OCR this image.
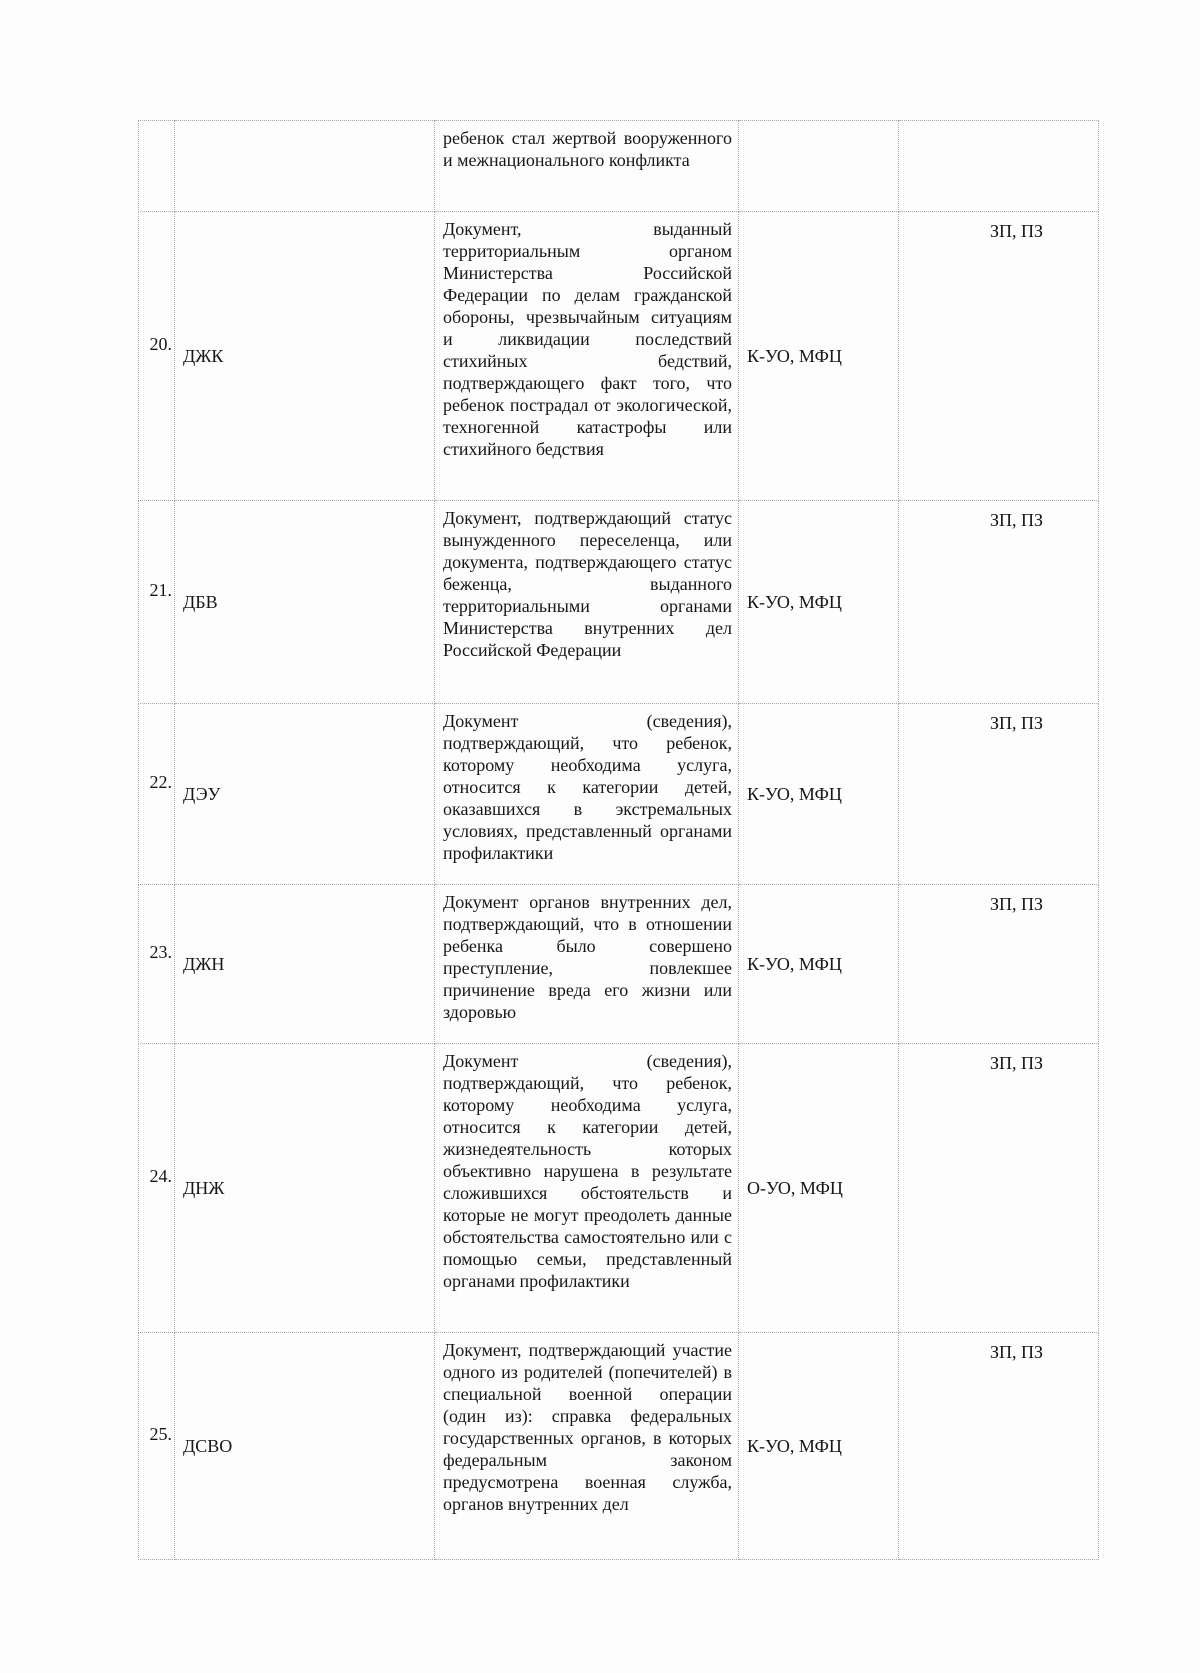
		ребенок стал жертвой вооруженного и межнационального конфликта		

20.	ДЖК	Документ, выданный территориальным органом Министерства Российской Федерации по делам гражданской обороны, чрезвычайным ситуациям и ликвидации последствий стихийных бедствий, подтверждающего факт того, что ребенок пострадал от экологической, техногенной катастрофы или стихийного бедствия	К-УО, МФЦ	ЗП, ПЗ
21.	ДБВ	Документ, подтверждающий статус вынужденного переселенца, или документа, подтверждающего статус беженца, выданного территориальными органами Министерства внутренних дел Российской Федерации	К-УО, МФЦ	ЗП, ПЗ
22.	ДЭУ	Документ (сведения), подтверждающий, что ребенок, которому необходима услуга, относится к категории детей, оказавшихся в экстремальных условиях, представленный органами профилактики	К-УО, МФЦ	ЗП, ПЗ
23.	ДЖН	Документ органов внутренних дел, подтверждающий, что в отношении ребенка было совершено преступление, повлекшее причинение вреда его жизни или здоровью	К-УО, МФЦ	ЗП, ПЗ
24.	ДНЖ	Документ (сведения), подтверждающий, что ребенок, которому необходима услуга, относится к категории детей, жизнедеятельность которых объективно нарушена в результате сложившихся обстоятельств и которые не могут преодолеть данные обстоятельства самостоятельно или с помощью семьи, представленный органами профилактики	О-УО, МФЦ	ЗП, ПЗ
25.	ДСВО	Документ, подтверждающий участие одного из родителей (попечителей) в специальной военной операции (один из): справка федеральных государственных органов, в которых федеральным законом предусмотрена военная служба, органов внутренних дел	К-УО, МФЦ	ЗП, ПЗ
